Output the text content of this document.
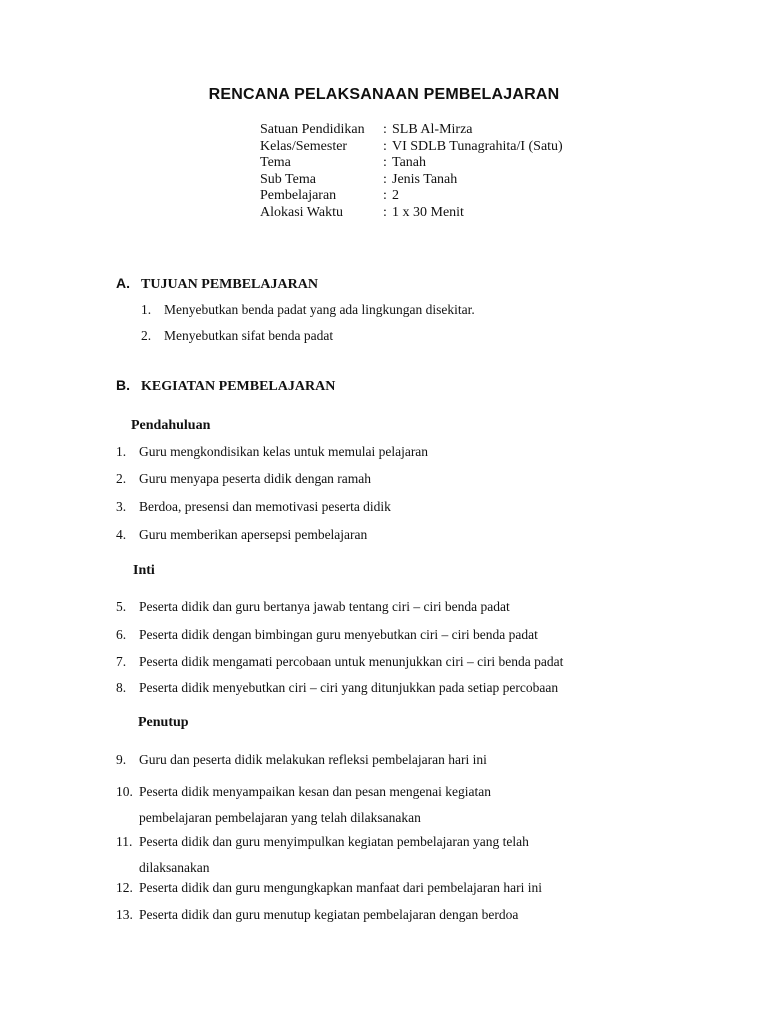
RENCANA PELAKSANAAN PEMBELAJARAN
Satuan Pendidikan : SLB Al-Mirza
Kelas/Semester	: VI SDLB Tunagrahita/I (Satu)
Tema	: Tanah
Sub Tema	: Jenis Tanah
Pembelajaran	: 2
Alokasi Waktu	: 1 x 30 Menit
A. TUJUAN PEMBELAJARAN
1. Menyebutkan benda padat yang ada lingkungan disekitar.
2. Menyebutkan sifat benda padat
B. KEGIATAN PEMBELAJARAN
Pendahuluan
1. Guru mengkondisikan kelas untuk memulai pelajaran
2. Guru menyapa peserta didik dengan ramah
3. Berdoa, presensi dan memotivasi peserta didik
4. Guru memberikan apersepsi pembelajaran
Inti
5. Peserta didik dan guru bertanya jawab tentang ciri – ciri benda padat
6. Peserta didik dengan bimbingan guru menyebutkan ciri – ciri benda padat
7. Peserta didik mengamati percobaan untuk menunjukkan ciri – ciri benda padat
8. Peserta didik menyebutkan ciri – ciri yang ditunjukkan pada setiap percobaan
Penutup
9. Guru dan peserta didik melakukan refleksi pembelajaran hari ini
10. Peserta didik menyampaikan kesan dan pesan mengenai kegiatan
pembelajaran pembelajaran yang telah dilaksanakan
11. Peserta didik dan guru menyimpulkan kegiatan pembelajaran yang telah
dilaksanakan
12. Peserta didik dan guru mengungkapkan manfaat dari pembelajaran hari ini
13. Peserta didik dan guru menutup kegiatan pembelajaran dengan berdoa
